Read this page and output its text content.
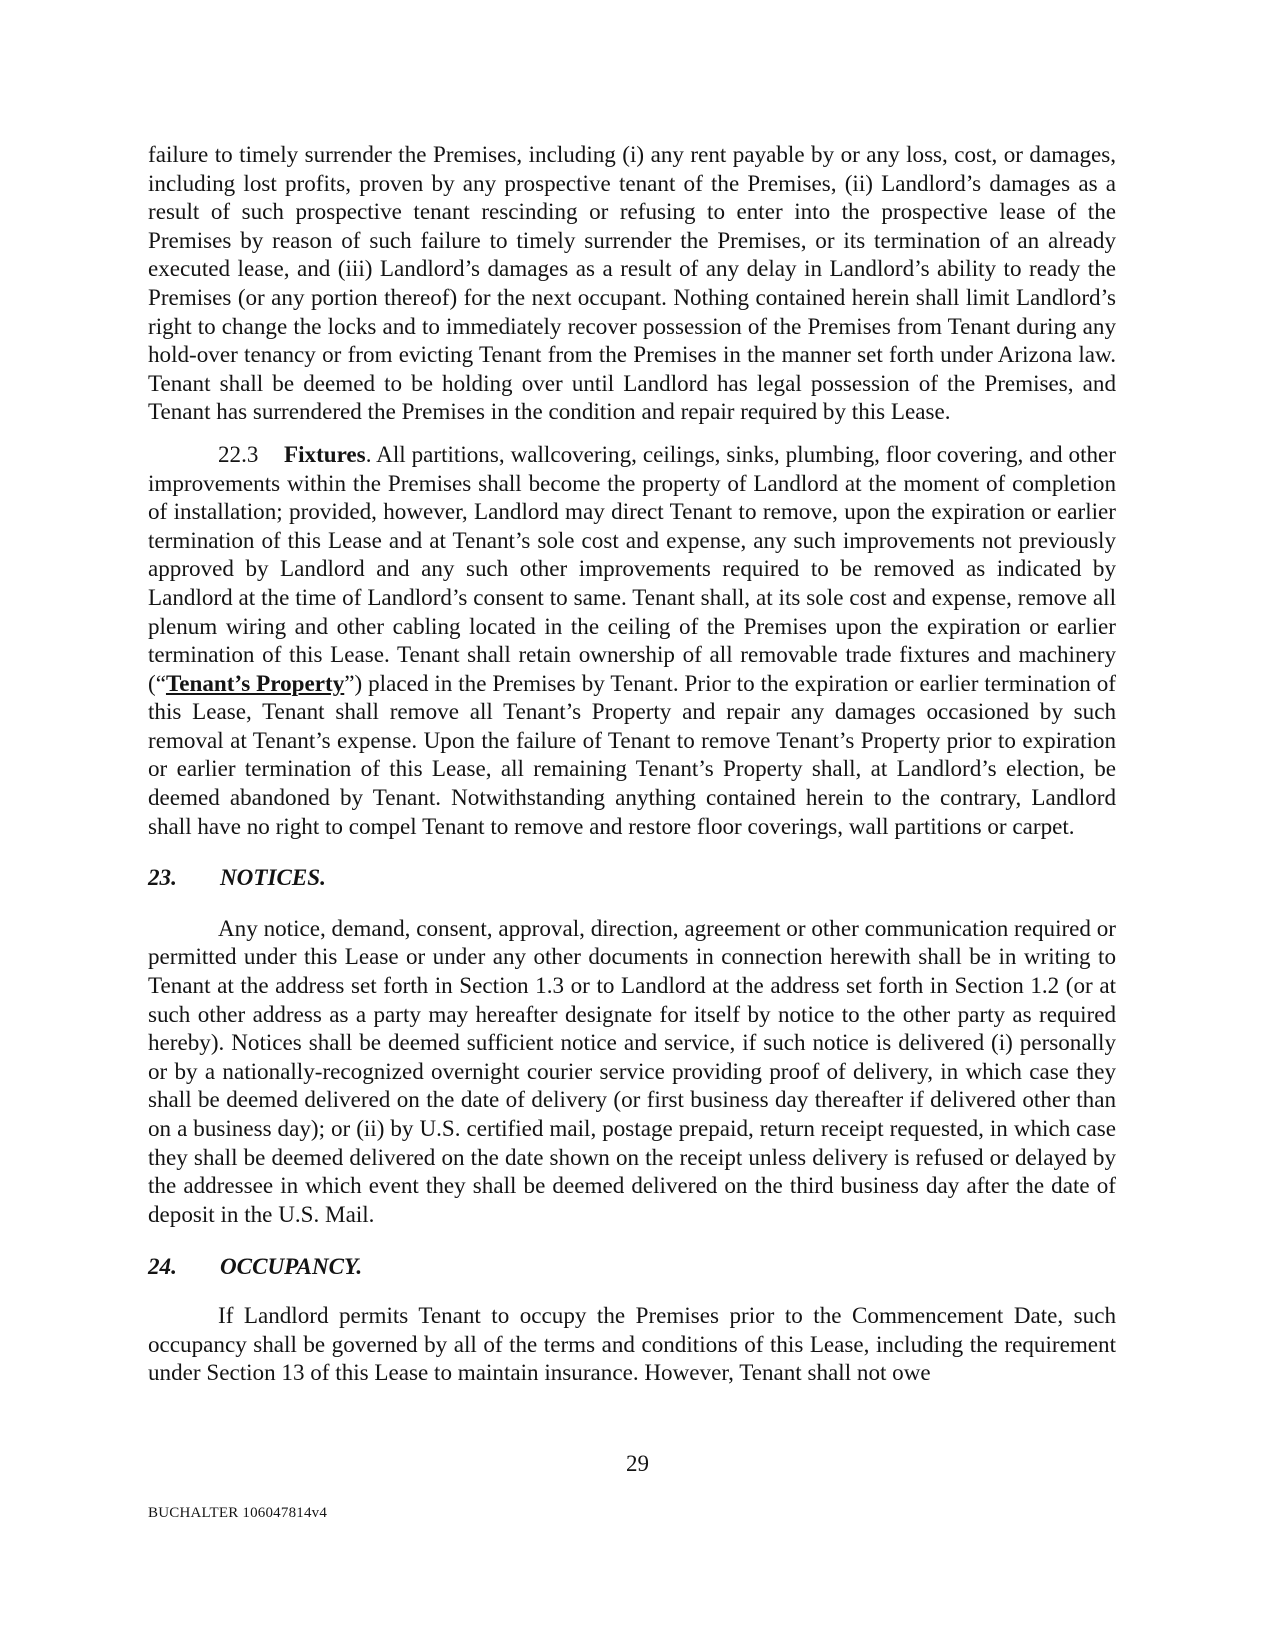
failure to timely surrender the Premises, including (i) any rent payable by or any loss, cost, or damages, including lost profits, proven by any prospective tenant of the Premises, (ii) Landlord’s damages as a result of such prospective tenant rescinding or refusing to enter into the prospective lease of the Premises by reason of such failure to timely surrender the Premises, or its termination of an already executed lease, and (iii) Landlord’s damages as a result of any delay in Landlord’s ability to ready the Premises (or any portion thereof) for the next occupant. Nothing contained herein shall limit Landlord’s right to change the locks and to immediately recover possession of the Premises from Tenant during any hold-over tenancy or from evicting Tenant from the Premises in the manner set forth under Arizona law. Tenant shall be deemed to be holding over until Landlord has legal possession of the Premises, and Tenant has surrendered the Premises in the condition and repair required by this Lease.

22.3 Fixtures. All partitions, wallcovering, ceilings, sinks, plumbing, floor covering, and other improvements within the Premises shall become the property of Landlord at the moment of completion of installation; provided, however, Landlord may direct Tenant to remove, upon the expiration or earlier termination of this Lease and at Tenant’s sole cost and expense, any such improvements not previously approved by Landlord and any such other improvements required to be removed as indicated by Landlord at the time of Landlord’s consent to same. Tenant shall, at its sole cost and expense, remove all plenum wiring and other cabling located in the ceiling of the Premises upon the expiration or earlier termination of this Lease. Tenant shall retain ownership of all removable trade fixtures and machinery (“Tenant’s Property”) placed in the Premises by Tenant. Prior to the expiration or earlier termination of this Lease, Tenant shall remove all Tenant’s Property and repair any damages occasioned by such removal at Tenant’s expense. Upon the failure of Tenant to remove Tenant’s Property prior to expiration or earlier termination of this Lease, all remaining Tenant’s Property shall, at Landlord’s election, be deemed abandoned by Tenant. Notwithstanding anything contained herein to the contrary, Landlord shall have no right to compel Tenant to remove and restore floor coverings, wall partitions or carpet.

23.	NOTICES.

Any notice, demand, consent, approval, direction, agreement or other communication required or permitted under this Lease or under any other documents in connection herewith shall be in writing to Tenant at the address set forth in Section 1.3 or to Landlord at the address set forth in Section 1.2 (or at such other address as a party may hereafter designate for itself by notice to the other party as required hereby). Notices shall be deemed sufficient notice and service, if such notice is delivered (i) personally or by a nationally-recognized overnight courier service providing proof of delivery, in which case they shall be deemed delivered on the date of delivery (or first business day thereafter if delivered other than on a business day); or (ii) by U.S. certified mail, postage prepaid, return receipt requested, in which case they shall be deemed delivered on the date shown on the receipt unless delivery is refused or delayed by the addressee in which event they shall be deemed delivered on the third business day after the date of deposit in the U.S. Mail.

24.	OCCUPANCY.

If Landlord permits Tenant to occupy the Premises prior to the Commencement Date, such occupancy shall be governed by all of the terms and conditions of this Lease, including the requirement under Section 13 of this Lease to maintain insurance. However, Tenant shall not owe

29
BUCHALTER 106047814v4
